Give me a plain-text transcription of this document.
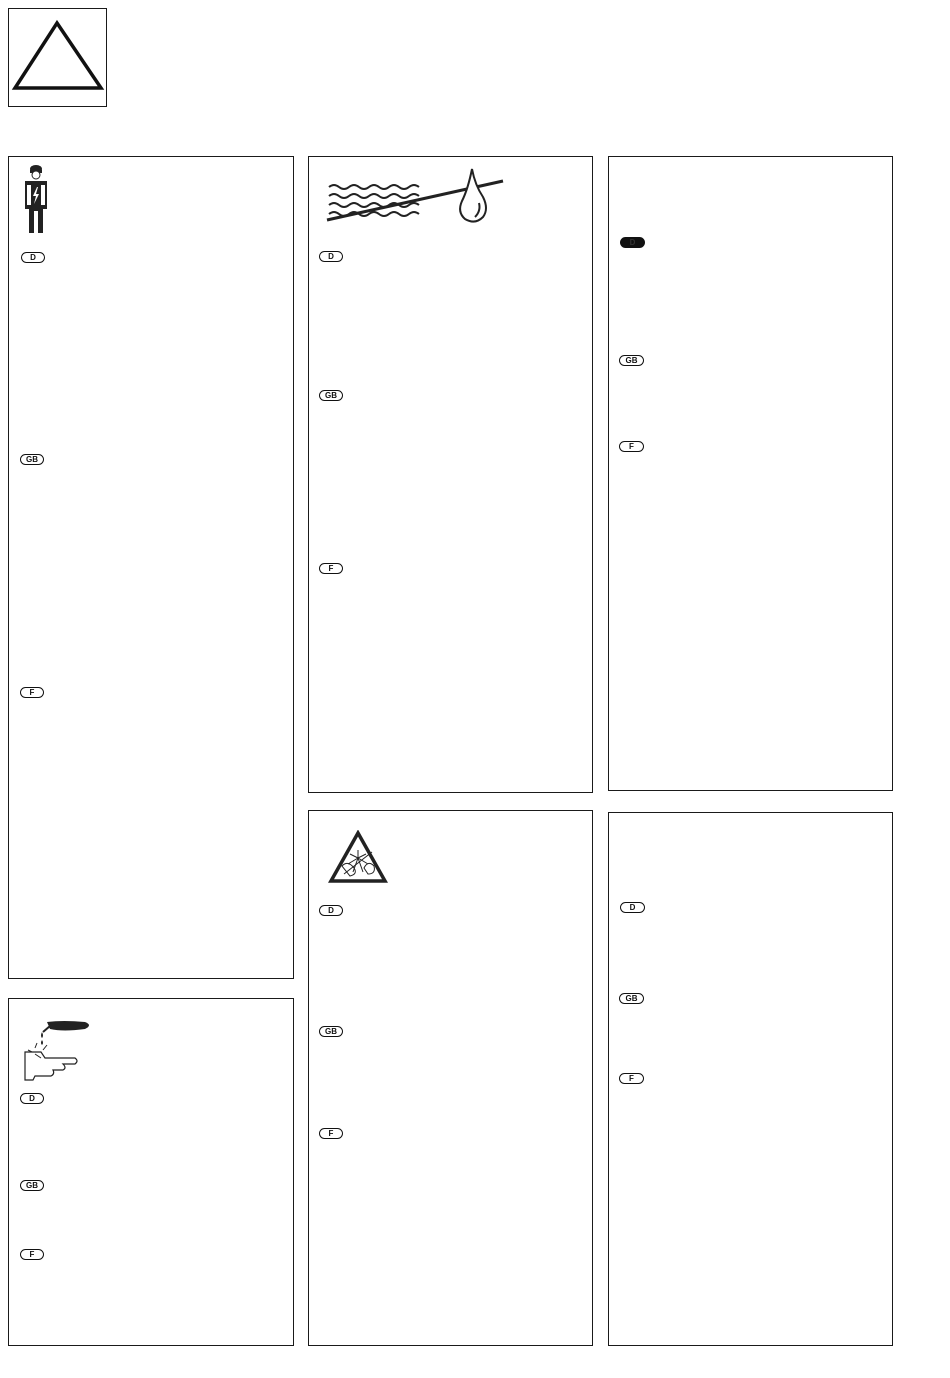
D
GB
F
D
GB
F
D
GB
F
D
GB
F
D
GB
F
D
GB
F
